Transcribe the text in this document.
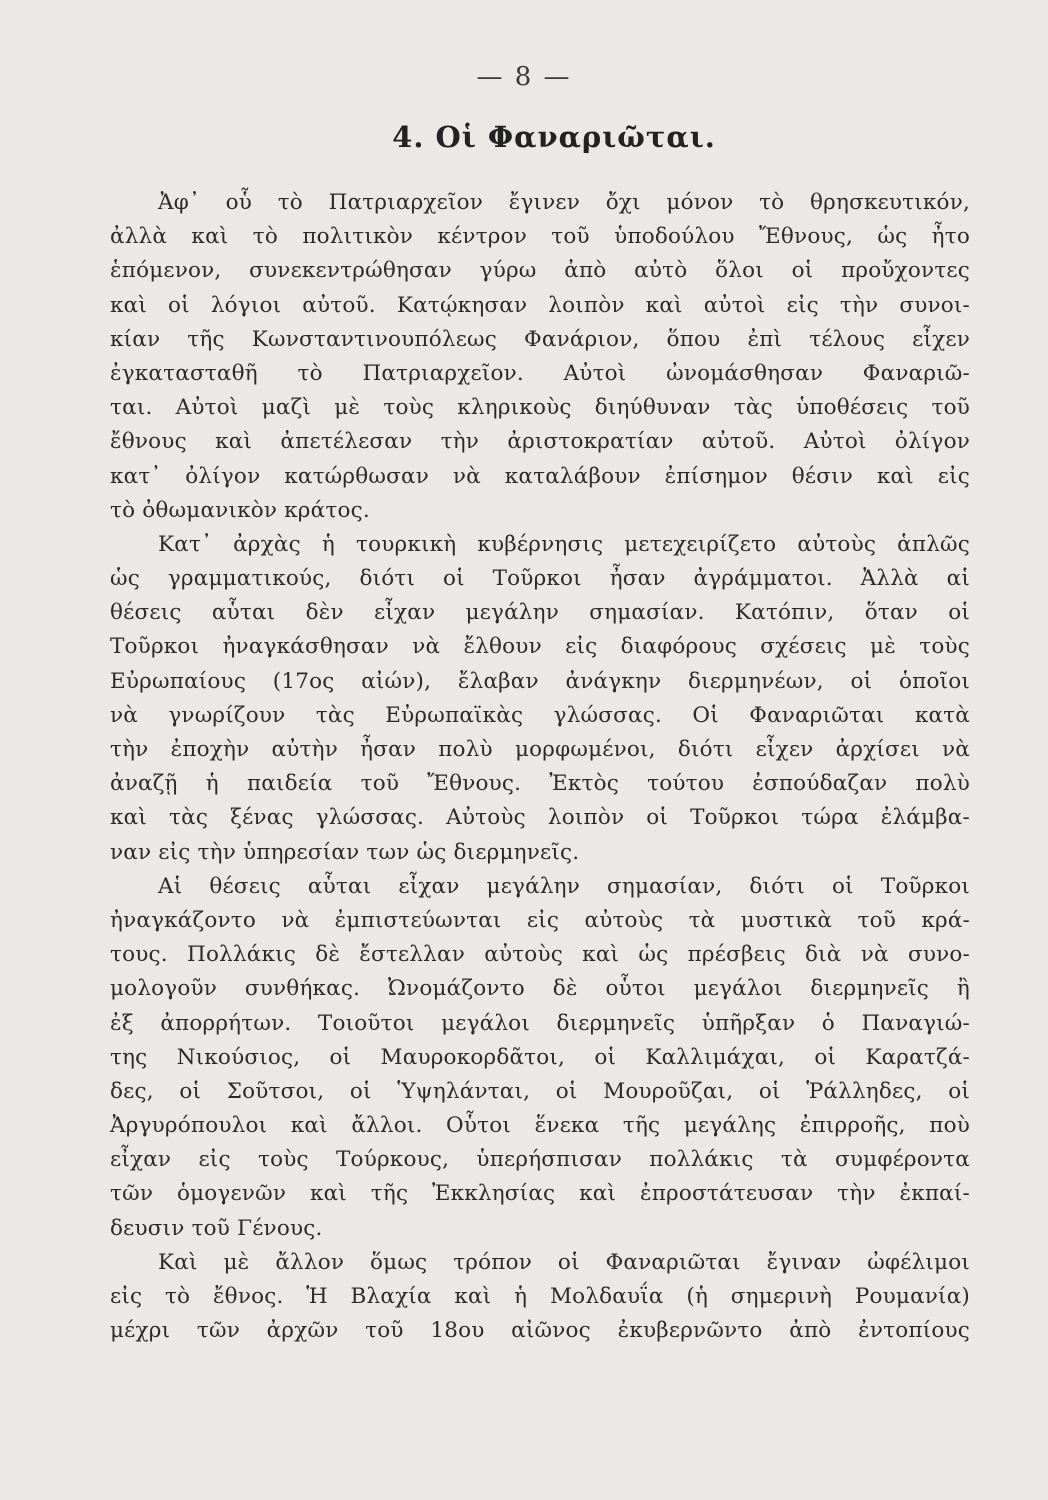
— 8 —
4. Οἱ Φαναριῶται.
Ἀφ᾽ οὗ τὸ Πατριαρχεῖον ἔγινεν ὄχι μόνον τὸ θρησκευτικόν,
ἀλλὰ καὶ τὸ πολιτικὸν κέντρον τοῦ ὑποδούλου Ἔθνους, ὡς ἦτο
ἑπόμενον, συνεκεντρώθησαν γύρω ἀπὸ αὐτὸ ὅλοι οἱ προὔχοντες
καὶ οἱ λόγιοι αὐτοῦ. Κατῴκησαν λοιπὸν καὶ αὐτοὶ εἰς τὴν συνοι-
κίαν τῆς Κωνσταντινουπόλεως Φανάριον, ὅπου ἐπὶ τέλους εἶχεν
ἐγκατασταθῆ τὸ Πατριαρχεῖον. Αὐτοὶ ὠνομάσθησαν Φαναριῶ-
ται. Αὐτοὶ μαζὶ μὲ τοὺς κληρικοὺς διηύθυναν τὰς ὑποθέσεις τοῦ
ἔθνους καὶ ἀπετέλεσαν τὴν ἀριστοκρατίαν αὐτοῦ. Αὐτοὶ ὀλίγον
κατ᾽ ὀλίγον κατώρθωσαν νὰ καταλάβουν ἐπίσημον θέσιν καὶ εἰς
τὸ ὀθωμανικὸν κράτος.
Κατ᾽ ἀρχὰς ἡ τουρκικὴ κυβέρνησις μετεχειρίζετο αὐτοὺς ἁπλῶς
ὡς γραμματικούς, διότι οἱ Τοῦρκοι ἦσαν ἀγράμματοι. Ἀλλὰ αἱ
θέσεις αὗται δὲν εἶχαν μεγάλην σημασίαν. Κατόπιν, ὅταν οἱ
Τοῦρκοι ἠναγκάσθησαν νὰ ἔλθουν εἰς διαφόρους σχέσεις μὲ τοὺς
Εὐρωπαίους (17ος αἰών), ἔλαβαν ἀνάγκην διερμηνέων, οἱ ὁποῖοι
νὰ γνωρίζουν τὰς Εὐρωπαϊκὰς γλώσσας. Οἱ Φαναριῶται κατὰ
τὴν ἐποχὴν αὐτὴν ἦσαν πολὺ μορφωμένοι, διότι εἶχεν ἀρχίσει νὰ
ἀναζῇ ἡ παιδεία τοῦ Ἔθνους. Ἐκτὸς τούτου ἐσπούδαζαν πολὺ
καὶ τὰς ξένας γλώσσας. Αὐτοὺς λοιπὸν οἱ Τοῦρκοι τώρα ἐλάμβα-
ναν εἰς τὴν ὑπηρεσίαν των ὡς διερμηνεῖς.
Αἱ θέσεις αὗται εἶχαν μεγάλην σημασίαν, διότι οἱ Τοῦρκοι
ἠναγκάζοντο νὰ ἐμπιστεύωνται εἰς αὐτοὺς τὰ μυστικὰ τοῦ κρά-
τους. Πολλάκις δὲ ἔστελλαν αὐτοὺς καὶ ὡς πρέσβεις διὰ νὰ συνο-
μολογοῦν συνθήκας. Ὠνομάζοντο δὲ οὗτοι μεγάλοι διερμηνεῖς ἢ
ἐξ ἀπορρήτων. Τοιοῦτοι μεγάλοι διερμηνεῖς ὑπῆρξαν ὁ Παναγιώ-
της Νικούσιος, οἱ Μαυροκορδᾶτοι, οἱ Καλλιμάχαι, οἱ Καρατζά-
δες, οἱ Σοῦτσοι, οἱ Ὑψηλάνται, οἱ Μουροῦζαι, οἱ Ῥάλληδες, οἱ
Ἀργυρόπουλοι καὶ ἄλλοι. Οὗτοι ἕνεκα τῆς μεγάλης ἐπιρροῆς, ποὺ
εἶχαν εἰς τοὺς Τούρκους, ὑπερήσπισαν πολλάκις τὰ συμφέροντα
τῶν ὁμογενῶν καὶ τῆς Ἐκκλησίας καὶ ἐπροστάτευσαν τὴν ἐκπαί-
δευσιν τοῦ Γένους.
Καὶ μὲ ἄλλον ὅμως τρόπον οἱ Φαναριῶται ἔγιναν ὠφέλιμοι
εἰς τὸ ἔθνος. Ἡ Βλαχία καὶ ἡ Μολδαυΐα (ἡ σημερινὴ Ρουμανία)
μέχρι τῶν ἀρχῶν τοῦ 18ου αἰῶνος ἐκυβερνῶντο ἀπὸ ἐντοπίους
